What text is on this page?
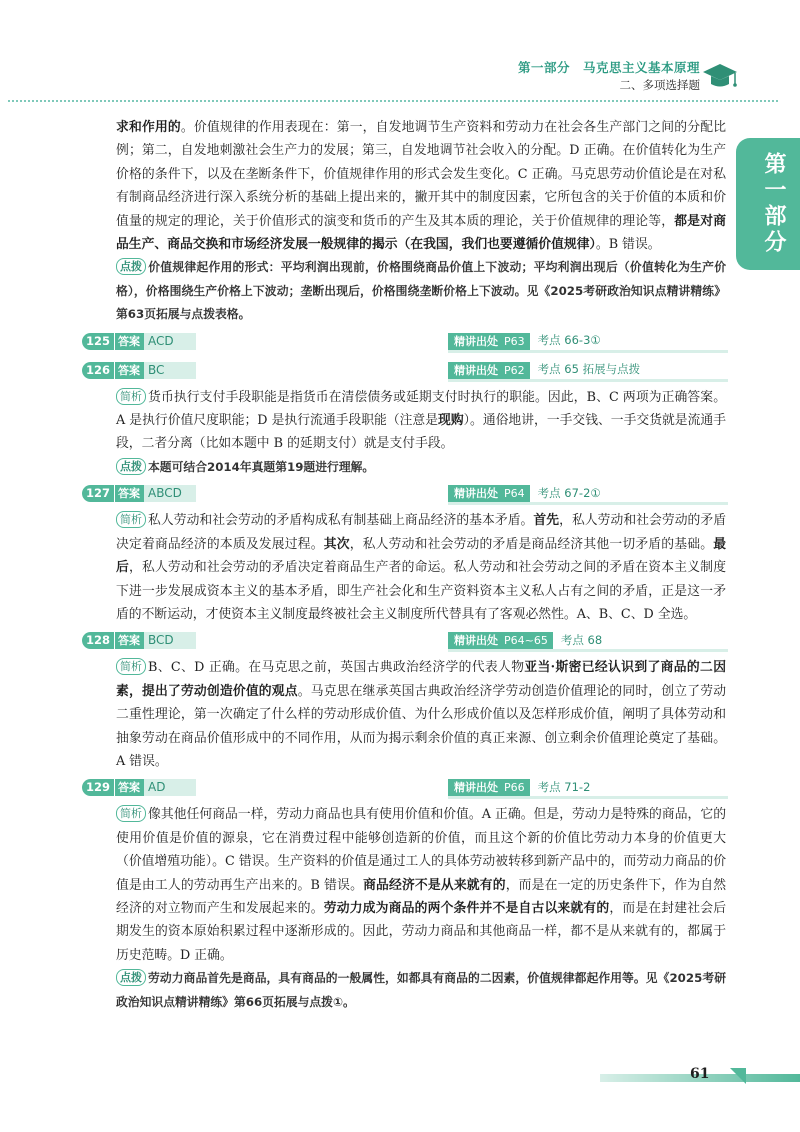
第一部分　马克思主义基本原理
二、多项选择题
第一部分

求和作用的。价值规律的作用表现在：第一，自发地调节生产资料和劳动力在社会各生产部门之间的分配比例；第二，自发地刺激社会生产力的发展；第三，自发地调节社会收入的分配。D 正确。在价值转化为生产价格的条件下，以及在垄断条件下，价值规律作用的形式会发生变化。C 正确。马克思劳动价值论是在对私有制商品经济进行深入系统分析的基础上提出来的，撇开其中的制度因素，它所包含的关于价值的本质和价值量的规定的理论，关于价值形式的演变和货币的产生及其本质的理论，关于价值规律的理论等，都是对商品生产、商品交换和市场经济发展一般规律的揭示（在我国，我们也要遵循价值规律）。B 错误。

点拨 价值规律起作用的形式：平均利润出现前，价格围绕商品价值上下波动；平均利润出现后（价值转化为生产价格），价格围绕生产价格上下波动；垄断出现后，价格围绕垄断价格上下波动。见《2025考研政治知识点精讲精练》第63页拓展与点拨表格。

125 答案 ACD	精讲出处 P63	考点 66-3①
126 答案 BC	精讲出处 P62	考点 65 拓展与点拨

简析 货币执行支付手段职能是指货币在清偿债务或延期支付时执行的职能。因此，B、C 两项为正确答案。A 是执行价值尺度职能；D 是执行流通手段职能（注意是现购）。通俗地讲，一手交钱、一手交货就是流通手段，二者分离（比如本题中 B 的延期支付）就是支付手段。

点拨 本题可结合2014年真题第19题进行理解。

127 答案 ABCD	精讲出处 P64	考点 67-2①

简析 私人劳动和社会劳动的矛盾构成私有制基础上商品经济的基本矛盾。首先，私人劳动和社会劳动的矛盾决定着商品经济的本质及发展过程。其次，私人劳动和社会劳动的矛盾是商品经济其他一切矛盾的基础。最后，私人劳动和社会劳动的矛盾决定着商品生产者的命运。私人劳动和社会劳动之间的矛盾在资本主义制度下进一步发展成资本主义的基本矛盾，即生产社会化和生产资料资本主义私人占有之间的矛盾，正是这一矛盾的不断运动，才使资本主义制度最终被社会主义制度所代替具有了客观必然性。A、B、C、D 全选。

128 答案 BCD	精讲出处 P64~65	考点 68

简析 B、C、D 正确。在马克思之前，英国古典政治经济学的代表人物亚当·斯密已经认识到了商品的二因素，提出了劳动创造价值的观点。马克思在继承英国古典政治经济学劳动创造价值理论的同时，创立了劳动二重性理论，第一次确定了什么样的劳动形成价值、为什么形成价值以及怎样形成价值，阐明了具体劳动和抽象劳动在商品价值形成中的不同作用，从而为揭示剩余价值的真正来源、创立剩余价值理论奠定了基础。A 错误。

129 答案 AD	精讲出处 P66	考点 71-2

简析 像其他任何商品一样，劳动力商品也具有使用价值和价值。A 正确。但是，劳动力是特殊的商品，它的使用价值是价值的源泉，它在消费过程中能够创造新的价值，而且这个新的价值比劳动力本身的价值更大（价值增殖功能）。C 错误。生产资料的价值是通过工人的具体劳动被转移到新产品中的，而劳动力商品的价值是由工人的劳动再生产出来的。B 错误。商品经济不是从来就有的，而是在一定的历史条件下，作为自然经济的对立物而产生和发展起来的。劳动力成为商品的两个条件并不是自古以来就有的，而是在封建社会后期发生的资本原始积累过程中逐渐形成的。因此，劳动力商品和其他商品一样，都不是从来就有的，都属于历史范畴。D 正确。

点拨 劳动力商品首先是商品，具有商品的一般属性，如都具有商品的二因素，价值规律都起作用等。见《2025考研政治知识点精讲精练》第66页拓展与点拨①。

61
